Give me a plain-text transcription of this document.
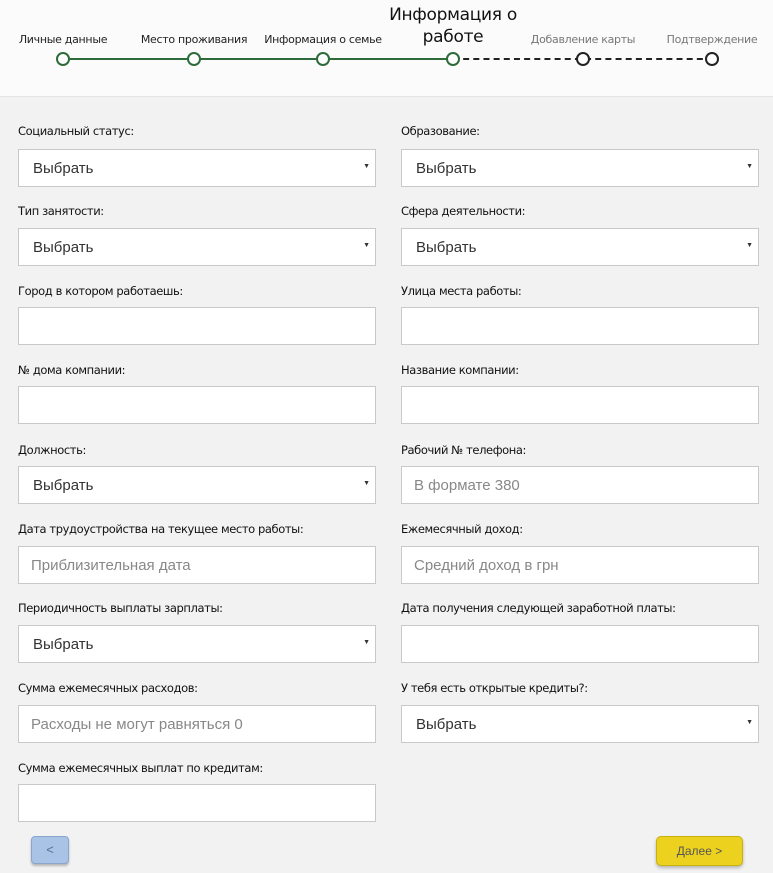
Личные данные	Место проживания Информация о семье
Информация о работе	Добавление карты	Подтверждение
Социальный статус:
Выбрать	▼
Образование:
Выбрать	▼
Тип занятости:
Выбрать	▼
Сфера деятельности:
Выбрать	▼
Город в котором работаешь:	Улица места работы:
№ дома компании:	Название компании:
Должность:
Выбрать	▼
Рабочий № телефона:
В формате 380
Дата трудоустройства на текущее место работы:
Приблизительная дата
Ежемесячный доход:
Средний доход в грн
Периодичность выплаты зарплаты:
Выбрать	▼
Дата получения следующей заработной платы:
Сумма ежемесячных расходов:
Расходы не могут равняться 0
У тебя есть открытые кредиты?:
Выбрать	▼
Сумма ежемесячных выплат по кредитам:
<	Далее >
